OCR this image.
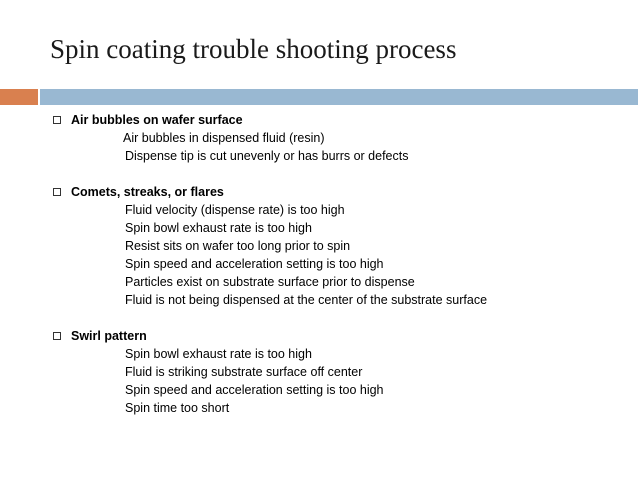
Spin coating trouble shooting process
Air bubbles on wafer surface
Air bubbles in dispensed fluid (resin)
Dispense tip is cut unevenly or has burrs or defects
Comets, streaks, or flares
Fluid velocity (dispense rate) is too high
Spin bowl exhaust rate is too high
Resist sits on wafer too long prior to spin
Spin speed and acceleration setting is too high
Particles exist on substrate surface prior to dispense
Fluid is not being dispensed at the center of the substrate surface
Swirl pattern
Spin bowl exhaust rate is too high
Fluid is striking substrate surface off center
Spin speed and acceleration setting is too high
Spin time too short
